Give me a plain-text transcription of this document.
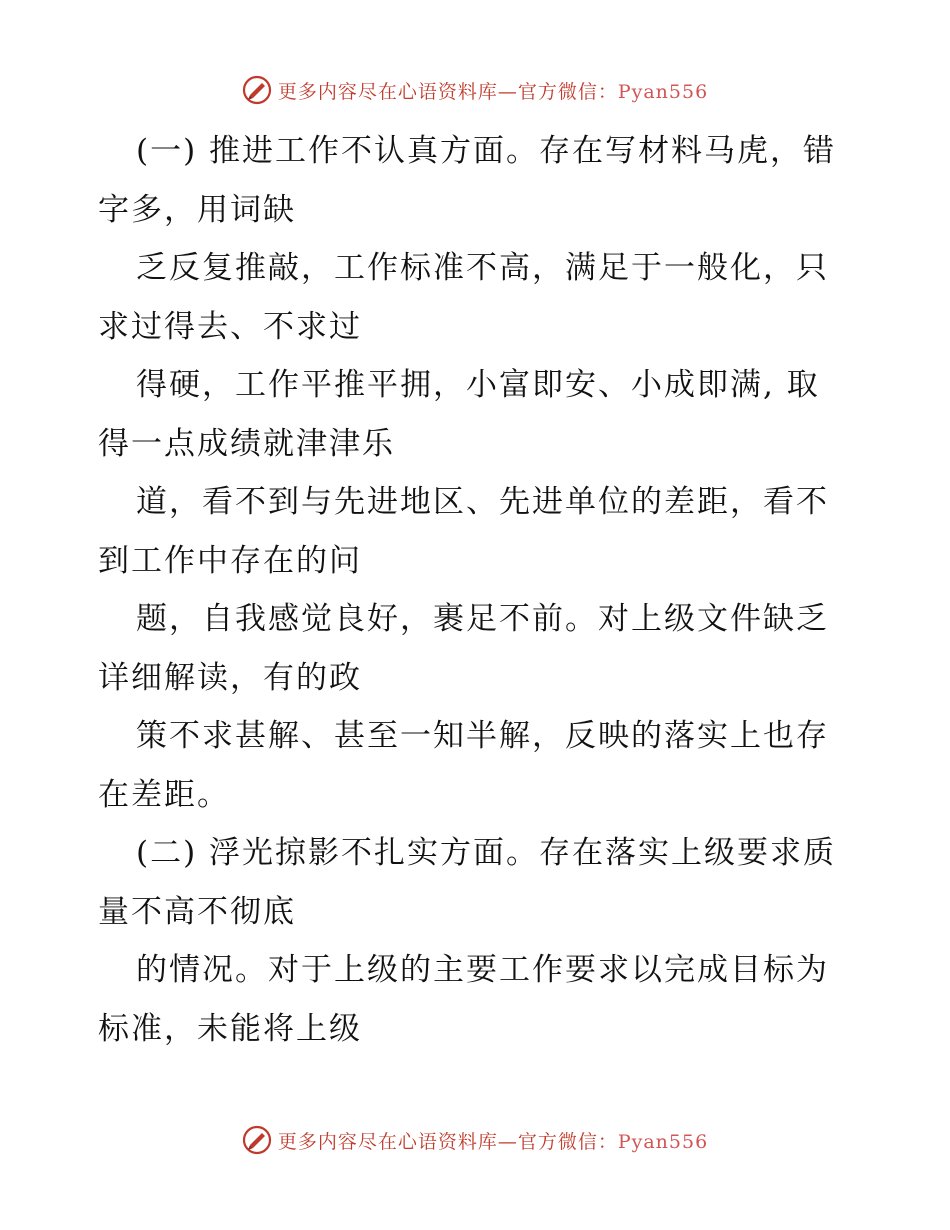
更多内容尽在心语资料库—官方微信：Pyan556
(一) 推进工作不认真方面。存在写材料马虎，错
字多，用词缺
乏反复推敲，工作标准不高，满足于一般化，只
求过得去、不求过
得硬，工作平推平拥，小富即安、小成即满, 取
得一点成绩就津津乐
道，看不到与先进地区、先进单位的差距，看不
到工作中存在的问
题，自我感觉良好，裹足不前。对上级文件缺乏
详细解读，有的政
策不求甚解、甚至一知半解，反映的落实上也存
在差距。
(二) 浮光掠影不扎实方面。存在落实上级要求质
量不高不彻底
的情况。对于上级的主要工作要求以完成目标为
标准，未能将上级
更多内容尽在心语资料库—官方微信：Pyan556
